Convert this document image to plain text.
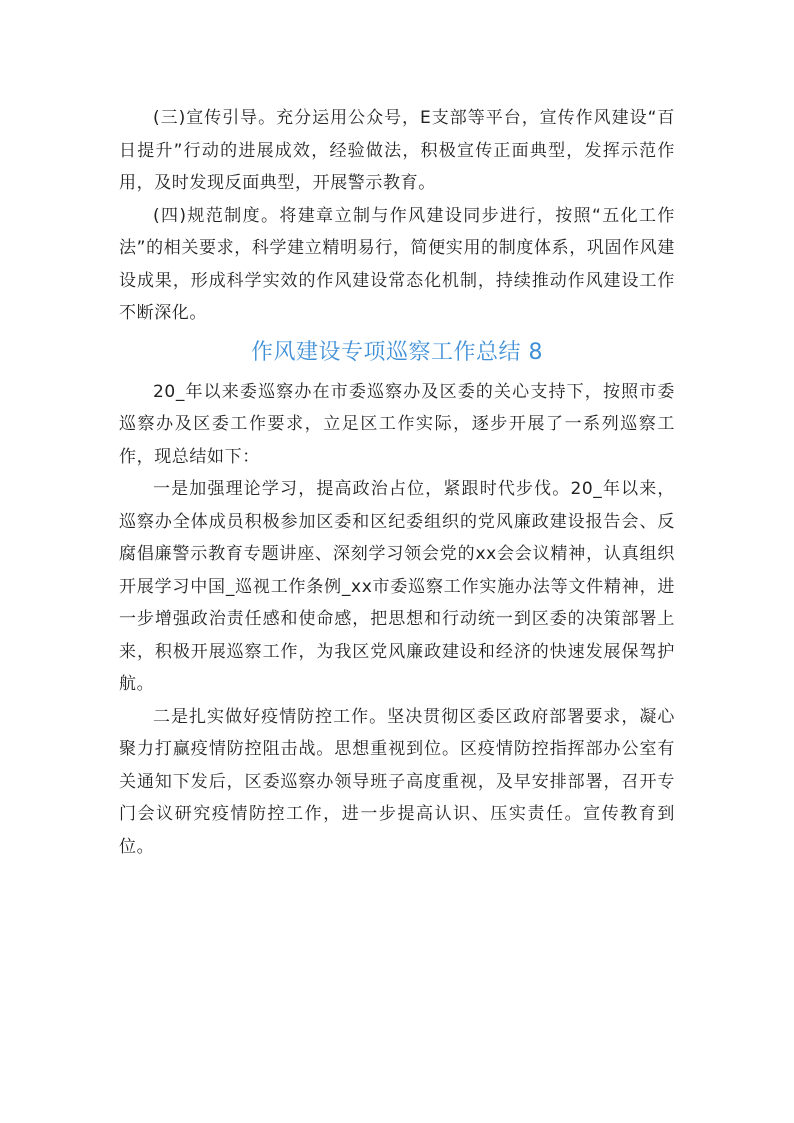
(三)宣传引导。充分运用公众号，E支部等平台，宣传作风建设“百日提升”行动的进展成效，经验做法，积极宣传正面典型，发挥示范作用，及时发现反面典型，开展警示教育。

(四)规范制度。将建章立制与作风建设同步进行，按照“五化工作法”的相关要求，科学建立精明易行，简便实用的制度体系，巩固作风建设成果，形成科学实效的作风建设常态化机制，持续推动作风建设工作不断深化。

作风建设专项巡察工作总结 8

20_年以来委巡察办在市委巡察办及区委的关心支持下，按照市委巡察办及区委工作要求，立足区工作实际，逐步开展了一系列巡察工作，现总结如下：

一是加强理论学习，提高政治占位，紧跟时代步伐。20_年以来，巡察办全体成员积极参加区委和区纪委组织的党风廉政建设报告会、反腐倡廉警示教育专题讲座、深刻学习领会党的xx会会议精神，认真组织开展学习中国_巡视工作条例_xx市委巡察工作实施办法等文件精神，进一步增强政治责任感和使命感，把思想和行动统一到区委的决策部署上来，积极开展巡察工作，为我区党风廉政建设和经济的快速发展保驾护航。

二是扎实做好疫情防控工作。坚决贯彻区委区政府部署要求，凝心聚力打赢疫情防控阻击战。思想重视到位。区疫情防控指挥部办公室有关通知下发后，区委巡察办领导班子高度重视，及早安排部署，召开专门会议研究疫情防控工作，进一步提高认识、压实责任。宣传教育到位。
